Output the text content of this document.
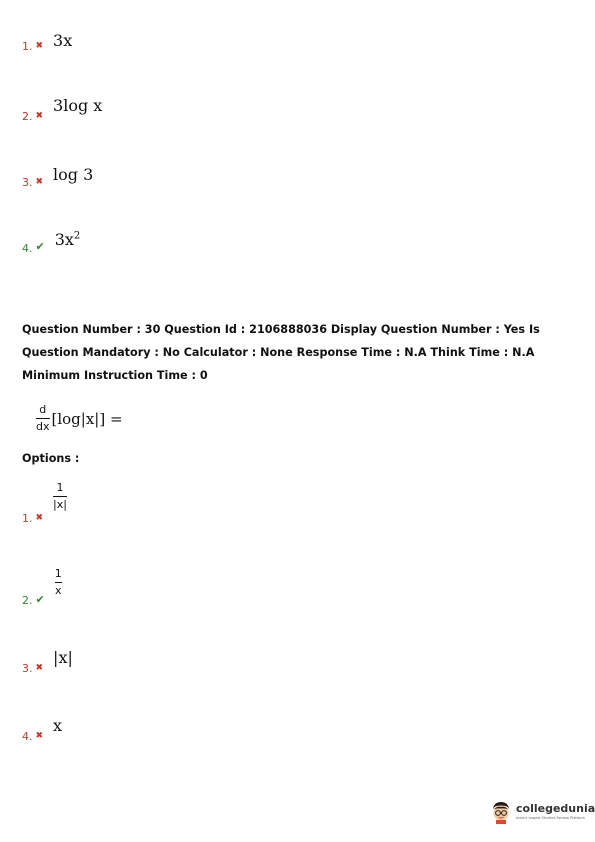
1. ✖ 3x
2. ✖
3log x
3. ✖ log 3
4. ✔ $3x^2$
Question Number : 30 Question Id : 2106888036 Display Question Number : Yes Is Question Mandatory : No Calculator : None Response Time : N.A Think Time : N.A Minimum Instruction Time : 0
$\frac{d}{dx} [\log|x|]$ =
Options :
1. ✖
$\frac{1}{|x|}$
2. ✔
$\frac{1}{x}$
3. ✖
|x|
4. ✖
x
collegedunia
India's largest Student Review Platform
